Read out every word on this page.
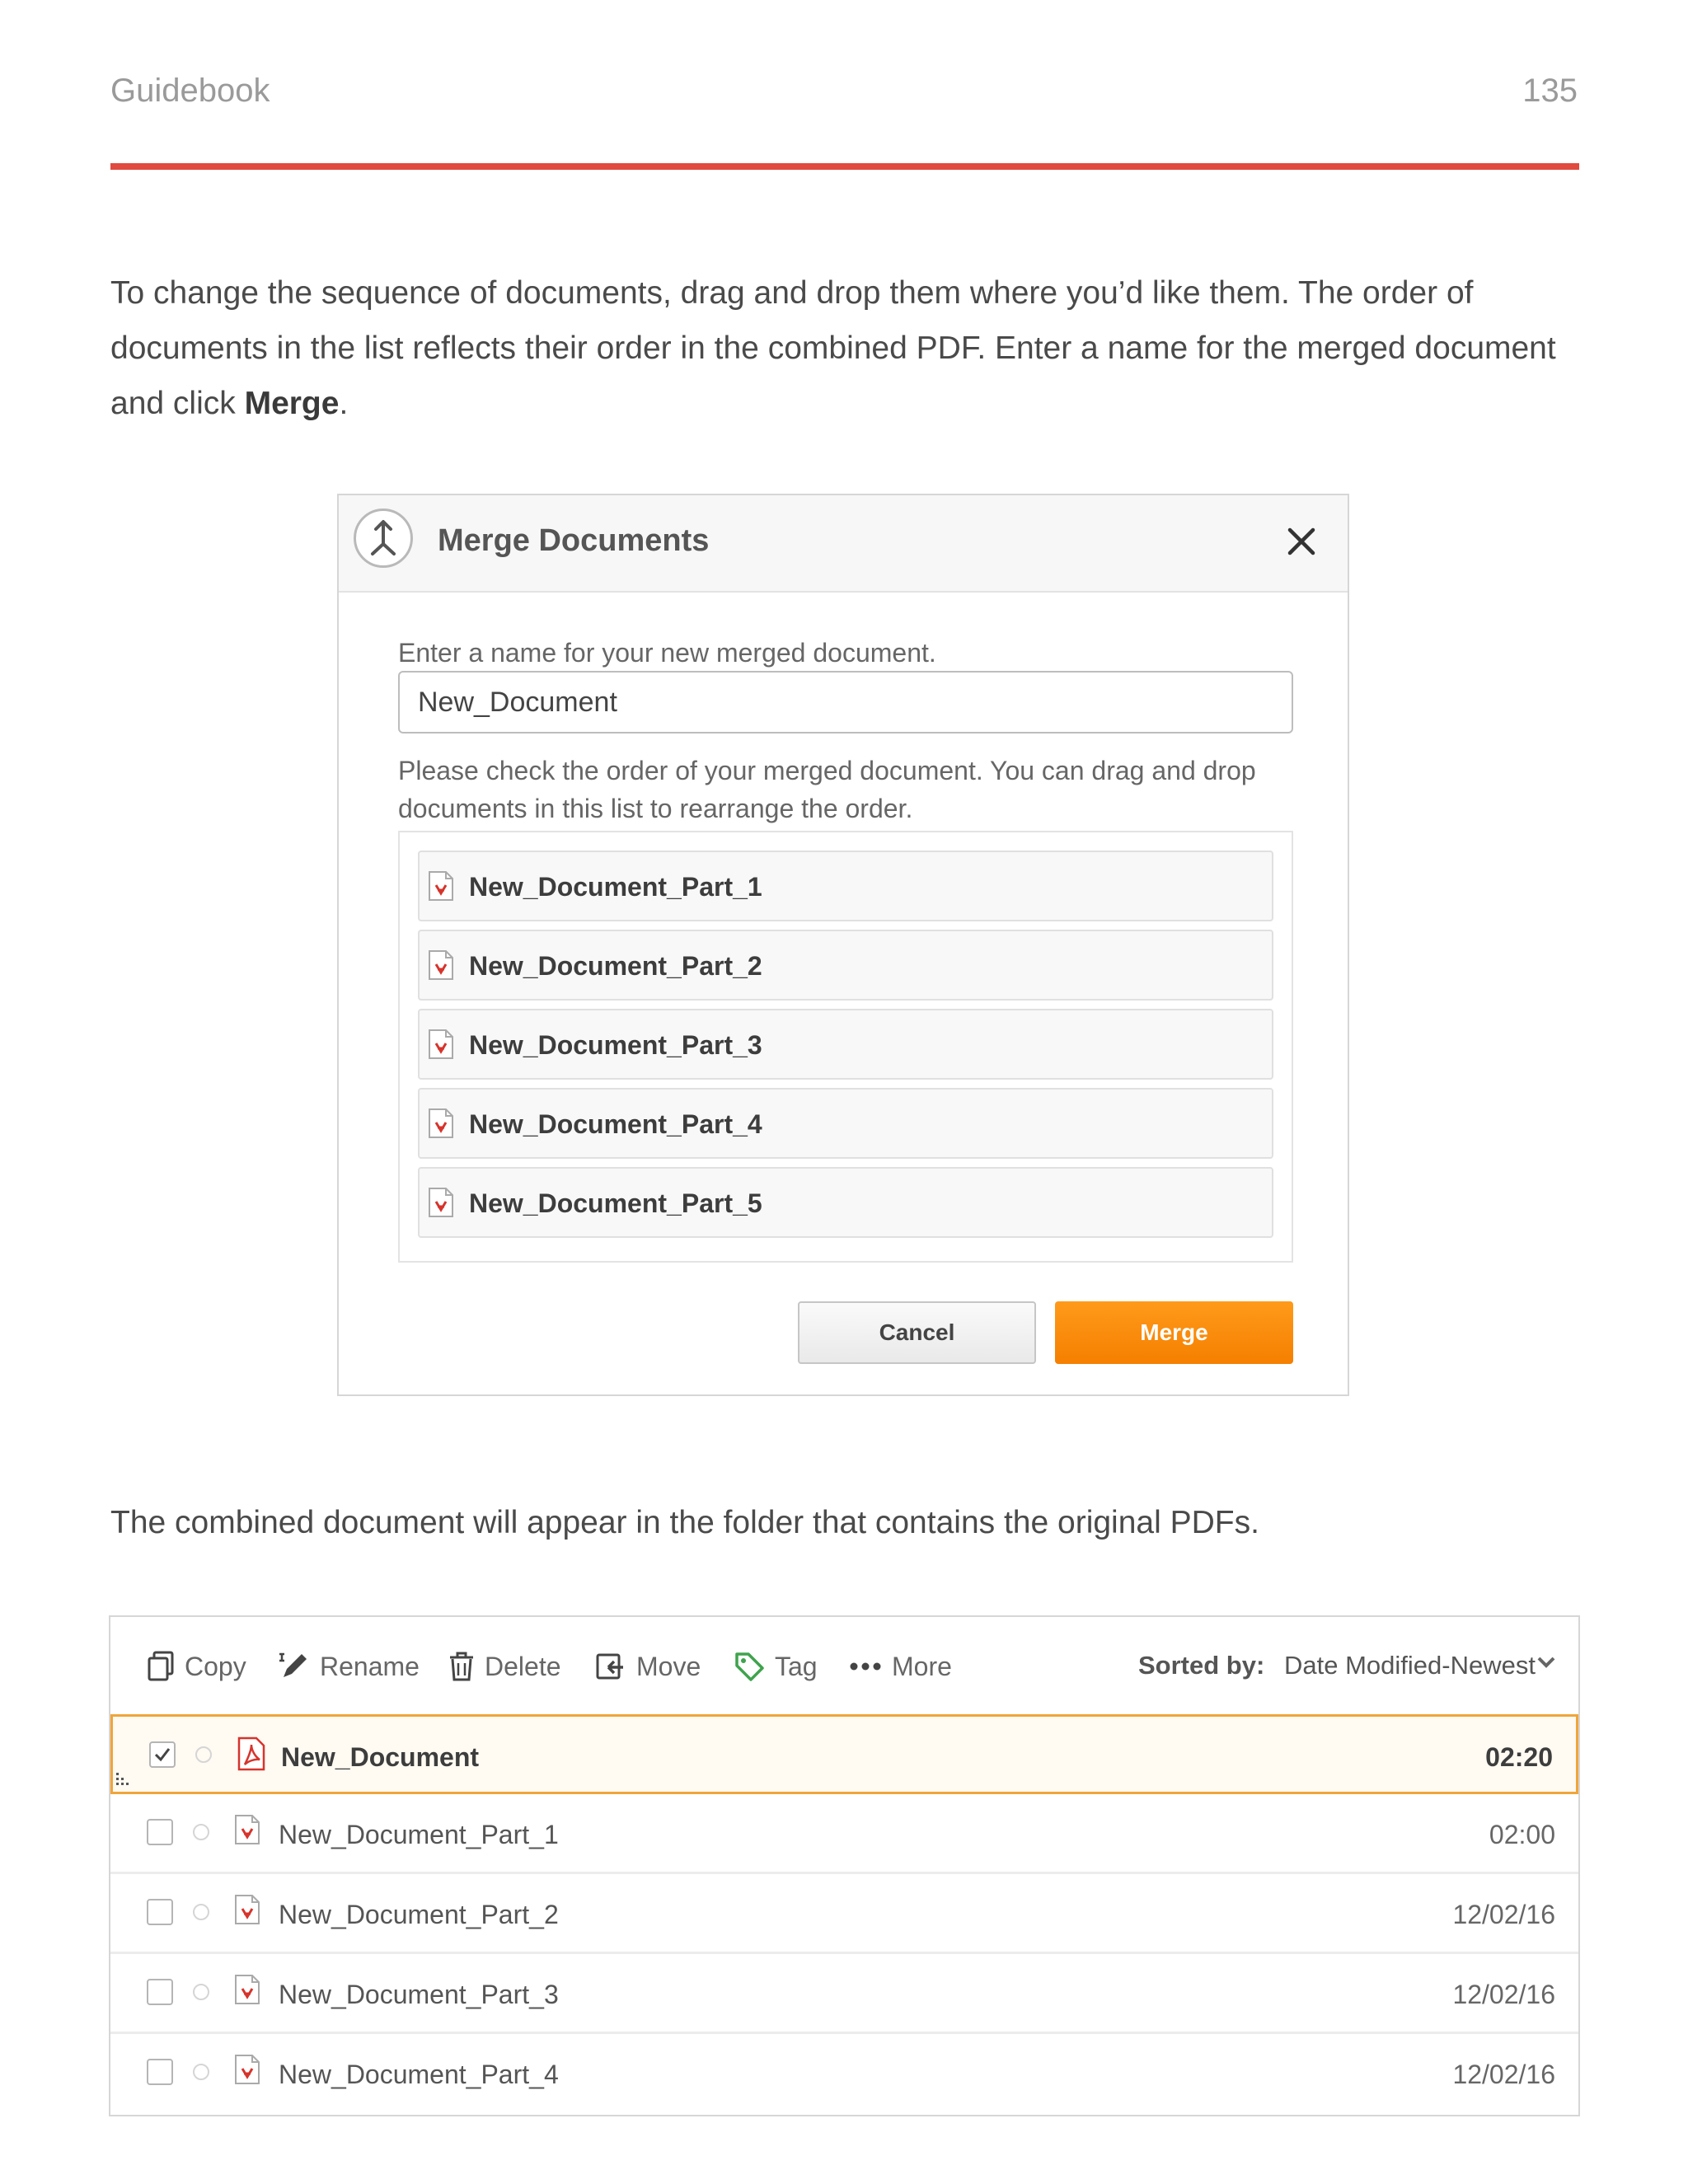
Guidebook	135

To change the sequence of documents, drag and drop them where you’d like them. The order of documents in the list reflects their order in the combined PDF. Enter a name for the merged document and click Merge.

Merge Documents
Enter a name for your new merged document.
New_Document
Please check the order of your merged document. You can drag and drop documents in this list to rearrange the order.
New_Document_Part_1
New_Document_Part_2
New_Document_Part_3
New_Document_Part_4
New_Document_Part_5
Cancel	Merge

The combined document will appear in the folder that contains the original PDFs.

Copy	Rename Delete	Move	Tag	More	Sorted by: Date Modified-Newest
New_Document	02:20
New_Document_Part_1	02:00
New_Document_Part_2	12/02/16
New_Document_Part_3	12/02/16
New_Document_Part_4	12/02/16
